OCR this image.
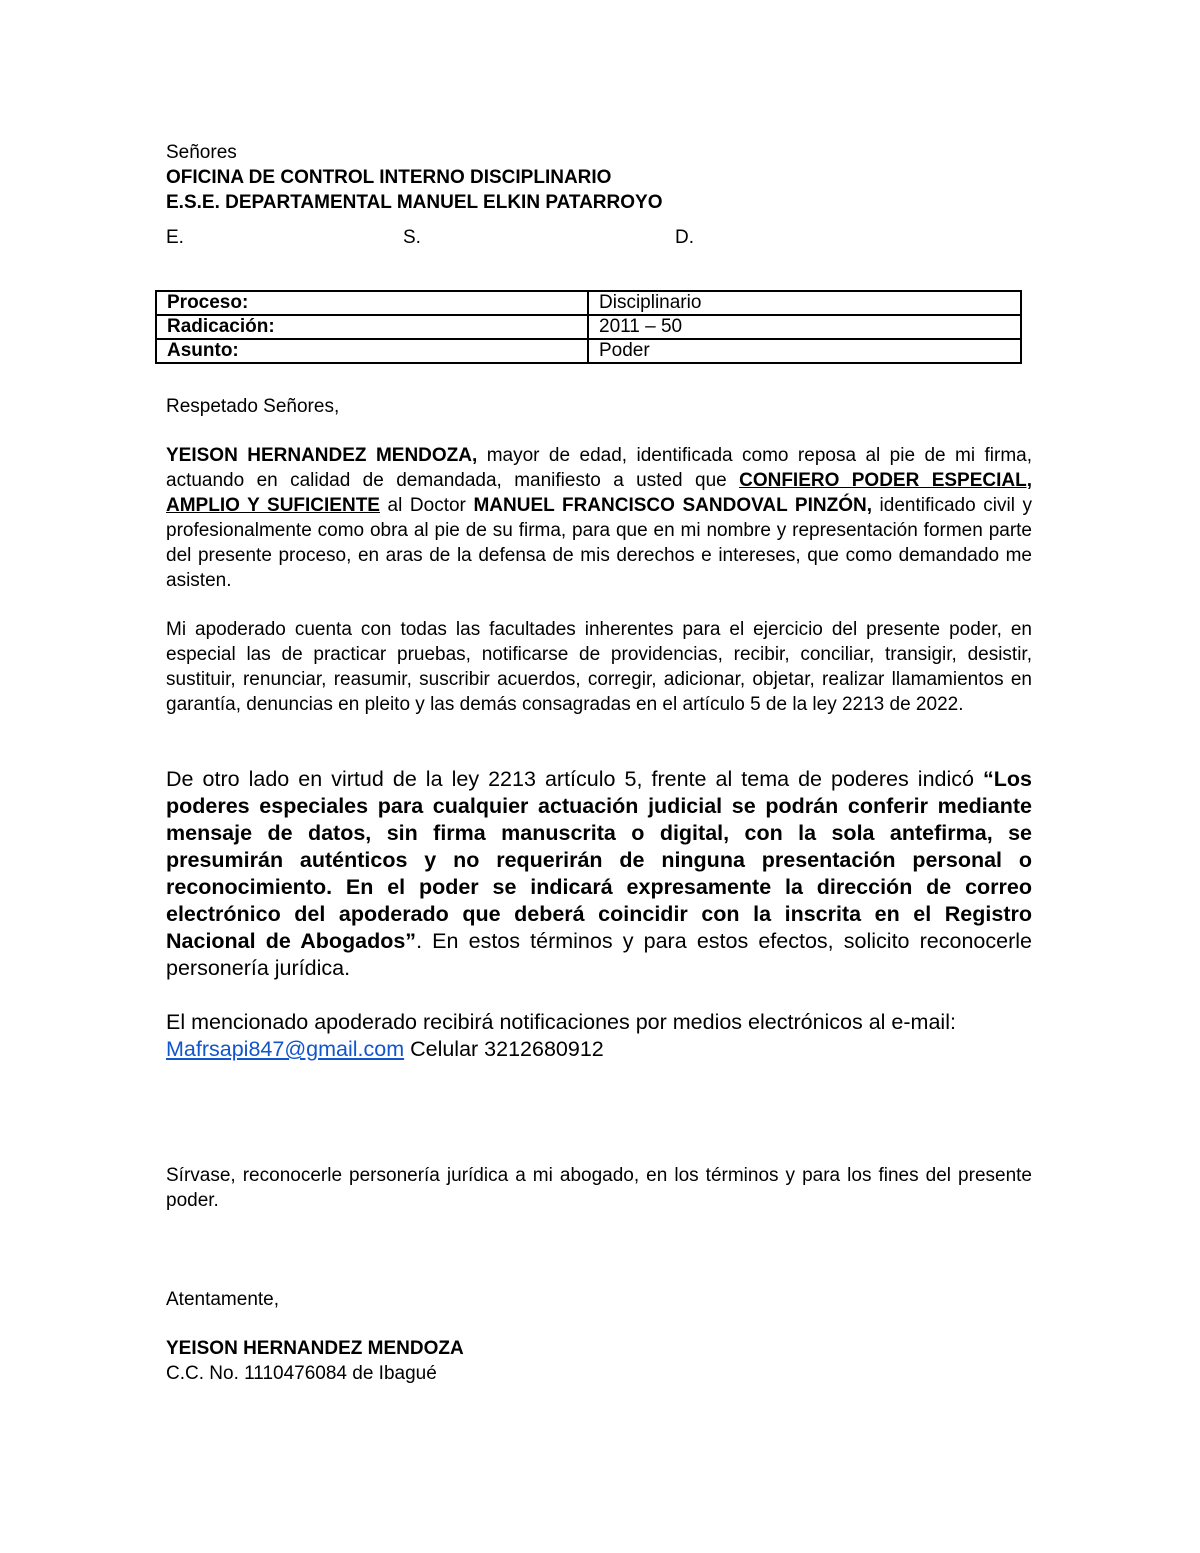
Señores

OFICINA DE CONTROL INTERNO DISCIPLINARIO

E.S.E. DEPARTAMENTAL MANUEL ELKIN PATARROYO

E.	S.	D.
Proceso:	Disciplinario
Radicación:	2011 – 50
Asunto:	Poder

Respetado Señores,

YEISON HERNANDEZ MENDOZA, mayor de edad, identificada como reposa al pie de mi firma, actuando en calidad de demandada, manifiesto a usted que CONFIERO PODER ESPECIAL, AMPLIO Y SUFICIENTE al Doctor MANUEL FRANCISCO SANDOVAL PINZÓN, identificado civil y profesionalmente como obra al pie de su firma, para que en mi nombre y representación formen parte del presente proceso, en aras de la defensa de mis derechos e intereses, que como demandado me asisten.

Mi apoderado cuenta con todas las facultades inherentes para el ejercicio del presente poder, en especial las de practicar pruebas, notificarse de providencias, recibir, conciliar, transigir, desistir, sustituir, renunciar, reasumir, suscribir acuerdos, corregir, adicionar, objetar, realizar llamamientos en garantía, denuncias en pleito y las demás consagradas en el artículo 5 de la ley 2213 de 2022.

De otro lado en virtud de la ley 2213 artículo 5, frente al tema de poderes indicó “Los poderes especiales para cualquier actuación judicial se podrán conferir mediante mensaje de datos, sin firma manuscrita o digital, con la sola antefirma, se presumirán auténticos y no requerirán de ninguna presentación personal o reconocimiento. En el poder se indicará expresamente la dirección de correo electrónico del apoderado que deberá coincidir con la inscrita en el Registro Nacional de Abogados”. En estos términos y para estos efectos, solicito reconocerle personería jurídica.

El mencionado apoderado recibirá notificaciones por medios electrónicos al e-mail: Mafrsapi847@gmail.com Celular 3212680912

Sírvase, reconocerle personería jurídica a mi abogado, en los términos y para los fines del presente poder.

Atentamente,

YEISON HERNANDEZ MENDOZA

C.C. No. 1110476084 de Ibagué
